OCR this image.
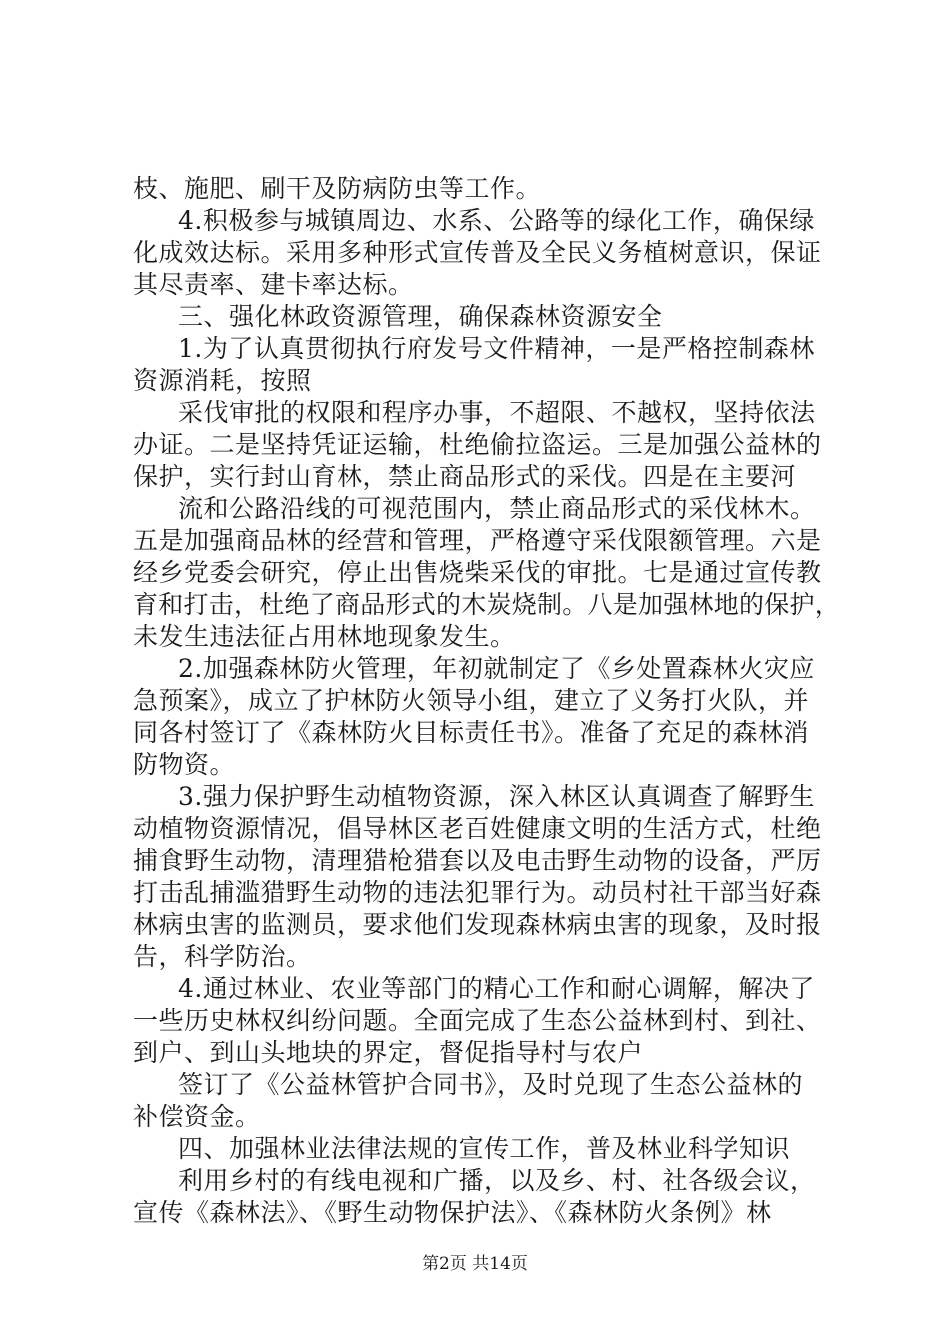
枝、施肥、刷干及防病防虫等工作。
4.积极参与城镇周边、水系、公路等的绿化工作，确保绿
化成效达标。采用多种形式宣传普及全民义务植树意识，保证
其尽责率、建卡率达标。
三、强化林政资源管理，确保森林资源安全
1.为了认真贯彻执行府发号文件精神，一是严格控制森林
资源消耗，按照
采伐审批的权限和程序办事，不超限、不越权，坚持依法
办证。二是坚持凭证运输，杜绝偷拉盗运。三是加强公益林的
保护，实行封山育林，禁止商品形式的采伐。四是在主要河
流和公路沿线的可视范围内，禁止商品形式的采伐林木。
五是加强商品林的经营和管理，严格遵守采伐限额管理。六是
经乡党委会研究，停止出售烧柴采伐的审批。七是通过宣传教
育和打击，杜绝了商品形式的木炭烧制。八是加强林地的保护，
未发生违法征占用林地现象发生。
2.加强森林防火管理，年初就制定了《乡处置森林火灾应
急预案》，成立了护林防火领导小组，建立了义务打火队，并
同各村签订了《森林防火目标责任书》。准备了充足的森林消
防物资。
3.强力保护野生动植物资源，深入林区认真调查了解野生
动植物资源情况，倡导林区老百姓健康文明的生活方式，杜绝
捕食野生动物，清理猎枪猎套以及电击野生动物的设备，严厉
打击乱捕滥猎野生动物的违法犯罪行为。动员村社干部当好森
林病虫害的监测员，要求他们发现森林病虫害的现象，及时报
告，科学防治。
4.通过林业、农业等部门的精心工作和耐心调解，解决了
一些历史林权纠纷问题。全面完成了生态公益林到村、到社、
到户、到山头地块的界定，督促指导村与农户
签订了《公益林管护合同书》，及时兑现了生态公益林的
补偿资金。
四、加强林业法律法规的宣传工作，普及林业科学知识
利用乡村的有线电视和广播，以及乡、村、社各级会议，
宣传《森林法》、《野生动物保护法》、《森林防火条例》林
第2页 共14页
